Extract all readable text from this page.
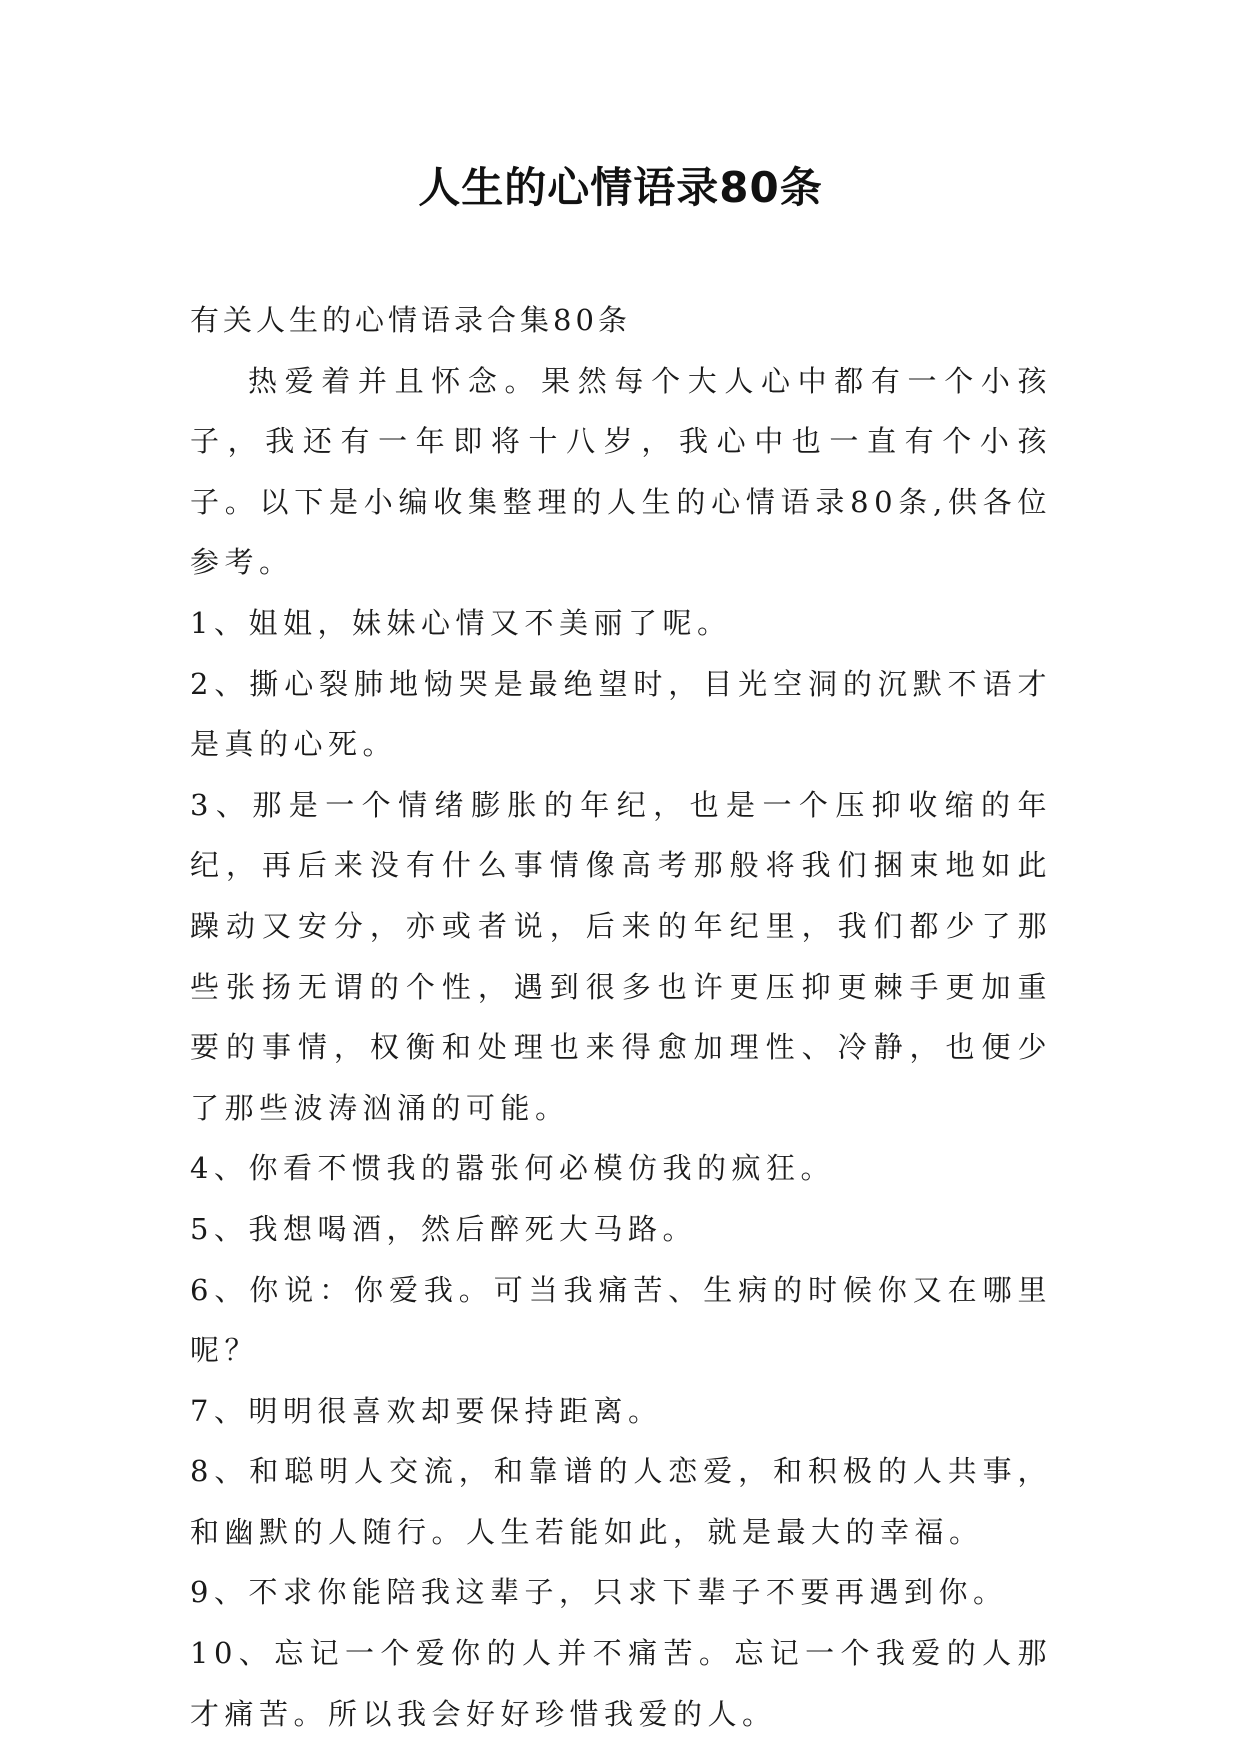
人生的心情语录80条

有关人生的心情语录合集80条

热爱着并且怀念。果然每个大人心中都有一个小孩子，我还有一年即将十八岁，我心中也一直有个小孩子。以下是小编收集整理的人生的心情语录80条,供各位参考。

1、姐姐，妹妹心情又不美丽了呢。

2、撕心裂肺地恸哭是最绝望时，目光空洞的沉默不语才是真的心死。

3、那是一个情绪膨胀的年纪，也是一个压抑收缩的年纪，再后来没有什么事情像高考那般将我们捆束地如此躁动又安分，亦或者说，后来的年纪里，我们都少了那些张扬无谓的个性，遇到很多也许更压抑更棘手更加重要的事情，权衡和处理也来得愈加理性、冷静，也便少了那些波涛汹涌的可能。

4、你看不惯我的嚣张何必模仿我的疯狂。

5、我想喝酒，然后醉死大马路。

6、你说：你爱我。可当我痛苦、生病的时候你又在哪里呢？

7、明明很喜欢却要保持距离。

8、和聪明人交流，和靠谱的人恋爱，和积极的人共事，和幽默的人随行。人生若能如此，就是最大的幸福。

9、不求你能陪我这辈子，只求下辈子不要再遇到你。

10、忘记一个爱你的人并不痛苦。忘记一个我爱的人那才痛苦。所以我会好好珍惜我爱的人。
